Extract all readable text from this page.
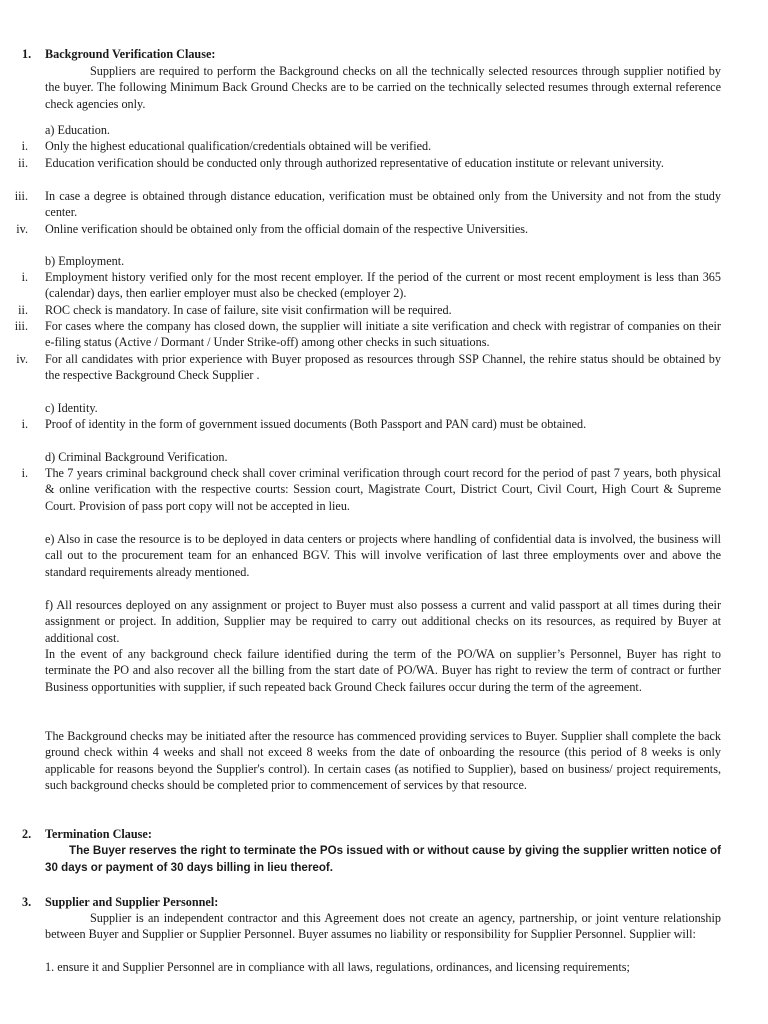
1.	Background Verification Clause:

Suppliers are required to perform the Background checks on all the technically selected resources through supplier notified by the buyer. The following Minimum Back Ground Checks are to be carried on the technically selected resumes through external reference check agencies only.

a) Education.
i. Only the highest educational qualification/credentials obtained will be verified.

ii. Education verification should be conducted only through authorized representative of education institute or relevant university.

iii. In case a degree is obtained through distance education, verification must be obtained only from the University and not from the study center.

iv. Online verification should be obtained only from the official domain of the respective Universities.

b) Employment.
i. Employment history verified only for the most recent employer. If the period of the current or most recent employment is less than 365 (calendar) days, then earlier employer must also be checked (employer 2).

ii. ROC check is mandatory. In case of failure, site visit confirmation will be required.

iii. For cases where the company has closed down, the supplier will initiate a site verification and check with registrar of companies on their e-filing status (Active / Dormant / Under Strike-off) among other checks in such situations.

iv. For all candidates with prior experience with Buyer proposed as resources through SSP Channel, the rehire status should be obtained by the respective Background Check Supplier .

c) Identity.
i. Proof of identity in the form of government issued documents (Both Passport and PAN card) must be obtained.

d) Criminal Background Verification.
i. The 7 years criminal background check shall cover criminal verification through court record for the period of past 7 years, both physical & online verification with the respective courts: Session court, Magistrate Court, District Court, Civil Court, High Court & Supreme Court. Provision of pass port copy will not be accepted in lieu.

e) Also in case the resource is to be deployed in data centers or projects where handling of confidential data is involved, the business will call out to the procurement team for an enhanced BGV. This will involve verification of last three employments over and above the standard requirements already mentioned.

f) All resources deployed on any assignment or project to Buyer must also possess a current and valid passport at all times during their assignment or project. In addition, Supplier may be required to carry out additional checks on its resources, as required by Buyer at additional cost.

In the event of any background check failure identified during the term of the PO/WA on supplier’s Personnel, Buyer has right to terminate the PO and also recover all the billing from the start date of PO/WA. Buyer has right to review the term of contract or further Business opportunities with supplier, if such repeated back Ground Check failures occur during the term of the agreement.

The Background checks may be initiated after the resource has commenced providing services to Buyer. Supplier shall complete the back ground check within 4 weeks and shall not exceed 8 weeks from the date of onboarding the resource (this period of 8 weeks is only applicable for reasons beyond the Supplier's control). In certain cases (as notified to Supplier), based on business/ project requirements, such background checks should be completed prior to commencement of services by that resource.

2.	Termination Clause:

The Buyer reserves the right to terminate the POs issued with or without cause by giving the supplier written notice of 30 days or payment of 30 days billing in lieu thereof.

3.	Supplier and Supplier Personnel:

Supplier is an independent contractor and this Agreement does not create an agency, partnership, or joint venture relationship between Buyer and Supplier or Supplier Personnel. Buyer assumes no liability or responsibility for Supplier Personnel. Supplier will:

1. ensure it and Supplier Personnel are in compliance with all laws, regulations, ordinances, and licensing requirements;
